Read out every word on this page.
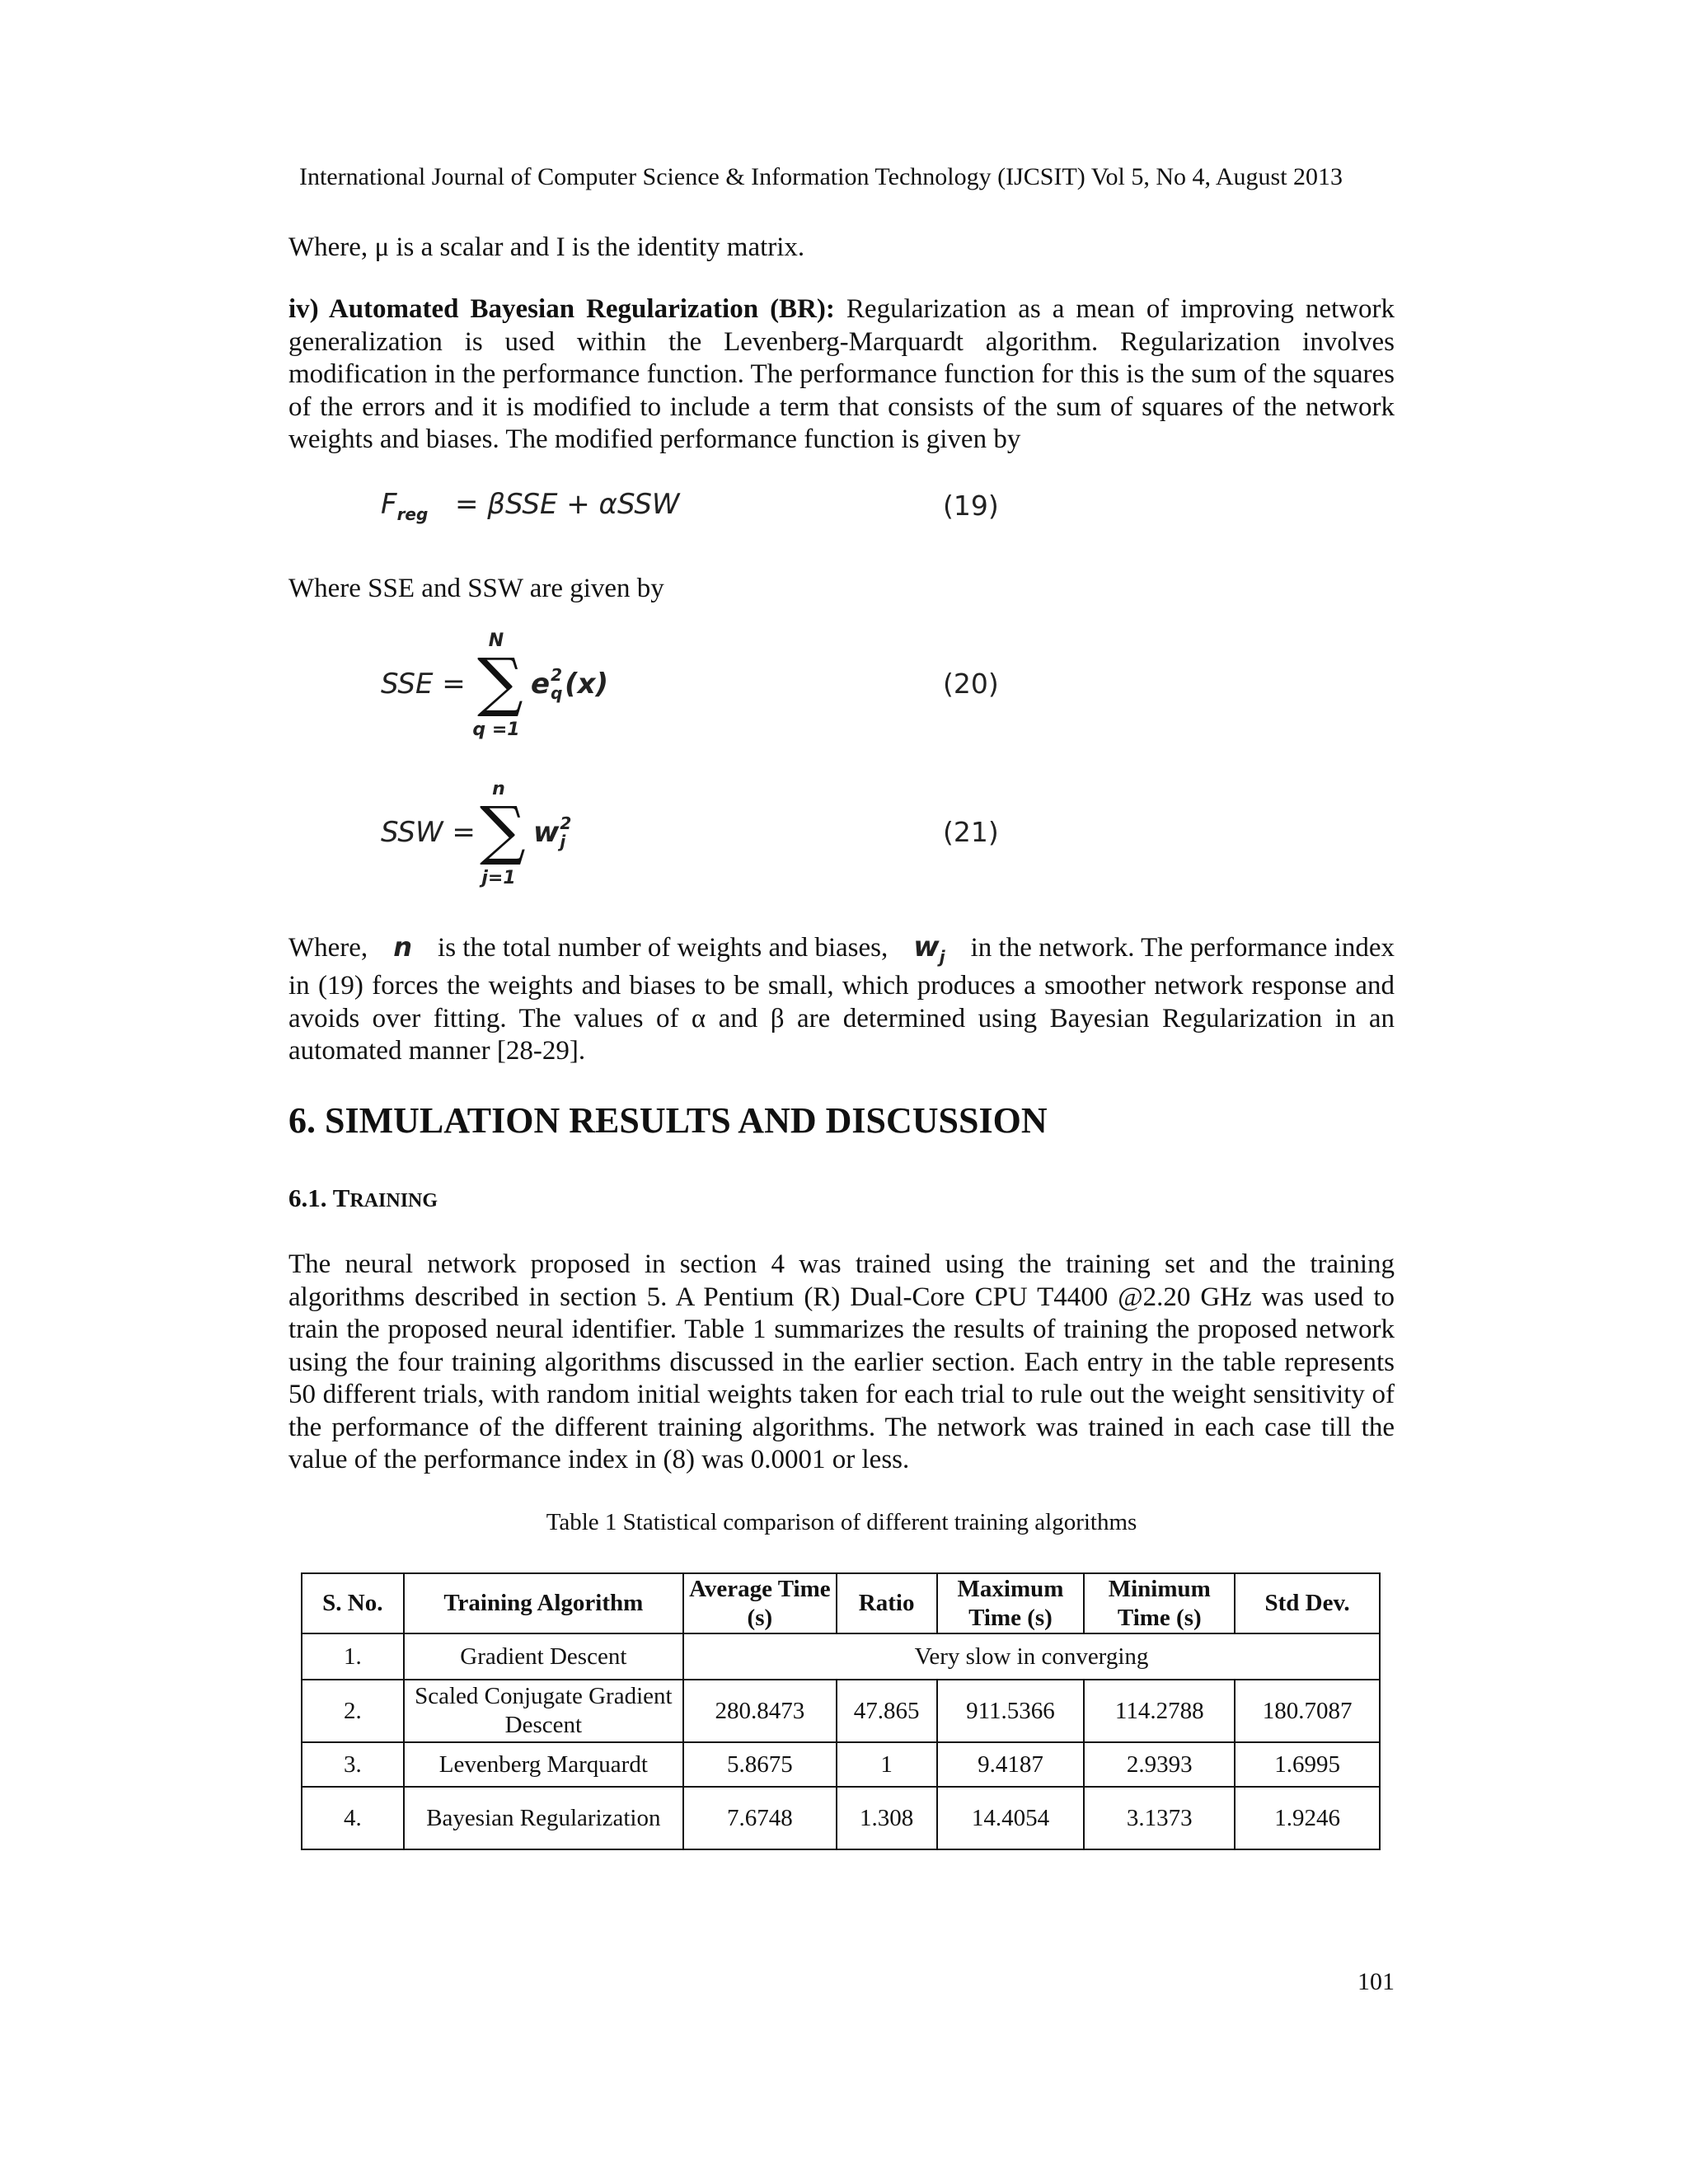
International Journal of Computer Science & Information Technology (IJCSIT) Vol 5, No 4, August 2013
Where, μ is a scalar and I is the identity matrix.
iv) Automated Bayesian Regularization (BR): Regularization as a mean of improving network generalization is used within the Levenberg-Marquardt algorithm. Regularization involves modification in the performance function. The performance function for this is the sum of the squares of the errors and it is modified to include a term that consists of the sum of squares of the network weights and biases. The modified performance function is given by
$F_{reg} = \beta SSE + \alpha SSW$	(19)
Where SSE and SSW are given by
SSE =
N
∑
q =1
e 2
q (x)	(20)
SSW =
n
∑
j=1
w 2
j	(21)
Where, n is the total number of weights and biases, $w_j$ in the network. The performance index
in (19) forces the weights and biases to be small, which produces a smoother network response and avoids over fitting. The values of α and β are determined using Bayesian Regularization in an automated manner [28-29].
6. SIMULATION RESULTS AND DISCUSSION
6.1. TRAINING
The neural network proposed in section 4 was trained using the training set and the training algorithms described in section 5. A Pentium (R) Dual-Core CPU T4400 @2.20 GHz was used to train the proposed neural identifier. Table 1 summarizes the results of training the proposed network using the four training algorithms discussed in the earlier section. Each entry in the table represents 50 different trials, with random initial weights taken for each trial to rule out the weight sensitivity of the performance of the different training algorithms. The network was trained in each case till the value of the performance index in (8) was 0.0001 or less.
Table 1 Statistical comparison of different training algorithms
S. No.	Training Algorithm	Average Time (s)	Ratio	Maximum Time (s)	Minimum Time (s)	Std Dev.
1.	Gradient Descent	Very slow in converging				
2.	Scaled Conjugate Gradient Descent	280.8473	47.865	911.5366	114.2788	180.7087
3.	Levenberg Marquardt	5.8675	1	9.4187	2.9393	1.6995
4.	Bayesian Regularization	7.6748	1.308	14.4054	3.1373	1.9246
101
